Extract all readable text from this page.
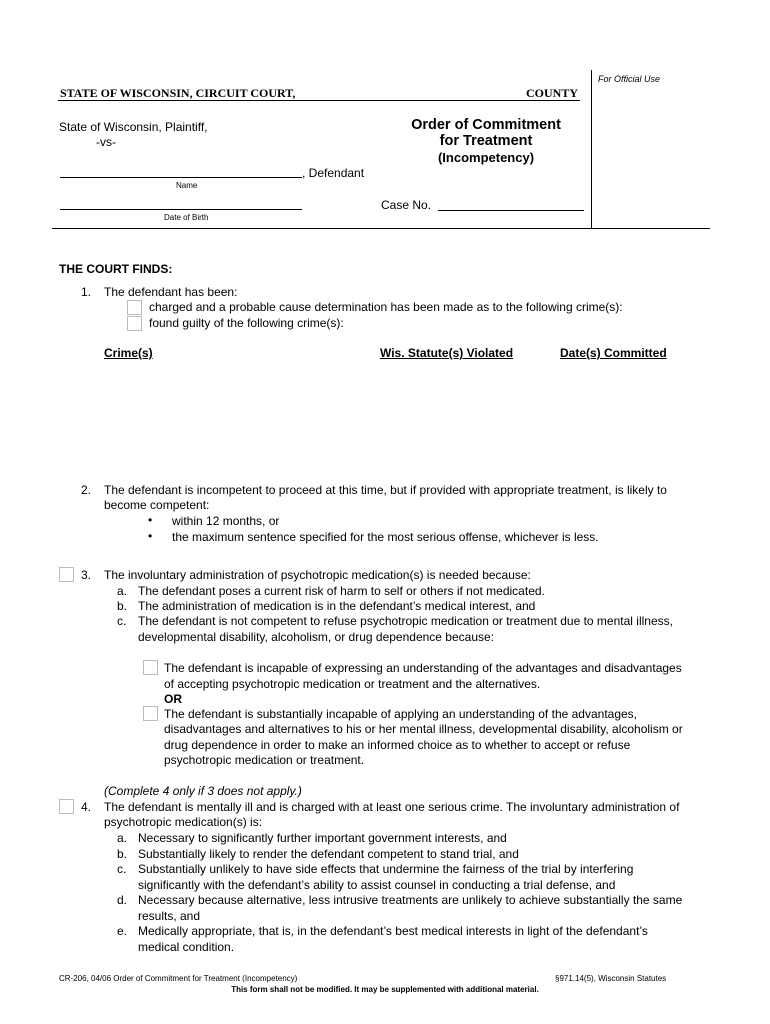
For Official Use
STATE OF WISCONSIN, CIRCUIT COURT,	COUNTY
State of Wisconsin, Plaintiff,
-vs-
, Defendant
Name
Date of Birth
Order of Commitment
for Treatment
(Incompetency)
Case No.
THE COURT FINDS:
1. The defendant has been:
charged and a probable cause determination has been made as to the following crime(s):
found guilty of the following crime(s):
Crime(s)	Wis. Statute(s) Violated	Date(s) Committed
2. The defendant is incompetent to proceed at this time, but if provided with appropriate treatment, is likely to
become competent:
• within 12 months, or
• the maximum sentence specified for the most serious offense, whichever is less.
3. The involuntary administration of psychotropic medication(s) is needed because:
a. The defendant poses a current risk of harm to self or others if not medicated.
b. The administration of medication is in the defendant’s medical interest, and
c. The defendant is not competent to refuse psychotropic medication or treatment due to mental illness,
developmental disability, alcoholism, or drug dependence because:
The defendant is incapable of expressing an understanding of the advantages and disadvantages
of accepting psychotropic medication or treatment and the alternatives.
OR
The defendant is substantially incapable of applying an understanding of the advantages,
disadvantages and alternatives to his or her mental illness, developmental disability, alcoholism or
drug dependence in order to make an informed choice as to whether to accept or refuse
psychotropic medication or treatment.
(Complete 4 only if 3 does not apply.)
4. The defendant is mentally ill and is charged with at least one serious crime. The involuntary administration of
psychotropic medication(s) is:
a. Necessary to significantly further important government interests, and
b. Substantially likely to render the defendant competent to stand trial, and
c. Substantially unlikely to have side effects that undermine the fairness of the trial by interfering
significantly with the defendant’s ability to assist counsel in conducting a trial defense, and
d. Necessary because alternative, less intrusive treatments are unlikely to achieve substantially the same
results, and
e. Medically appropriate, that is, in the defendant’s best medical interests in light of the defendant’s
medical condition.
CR-206, 04/06 Order of Commitment for Treatment (Incompetency)	§971.14(5), Wisconsin Statutes
This form shall not be modified. It may be supplemented with additional material.
